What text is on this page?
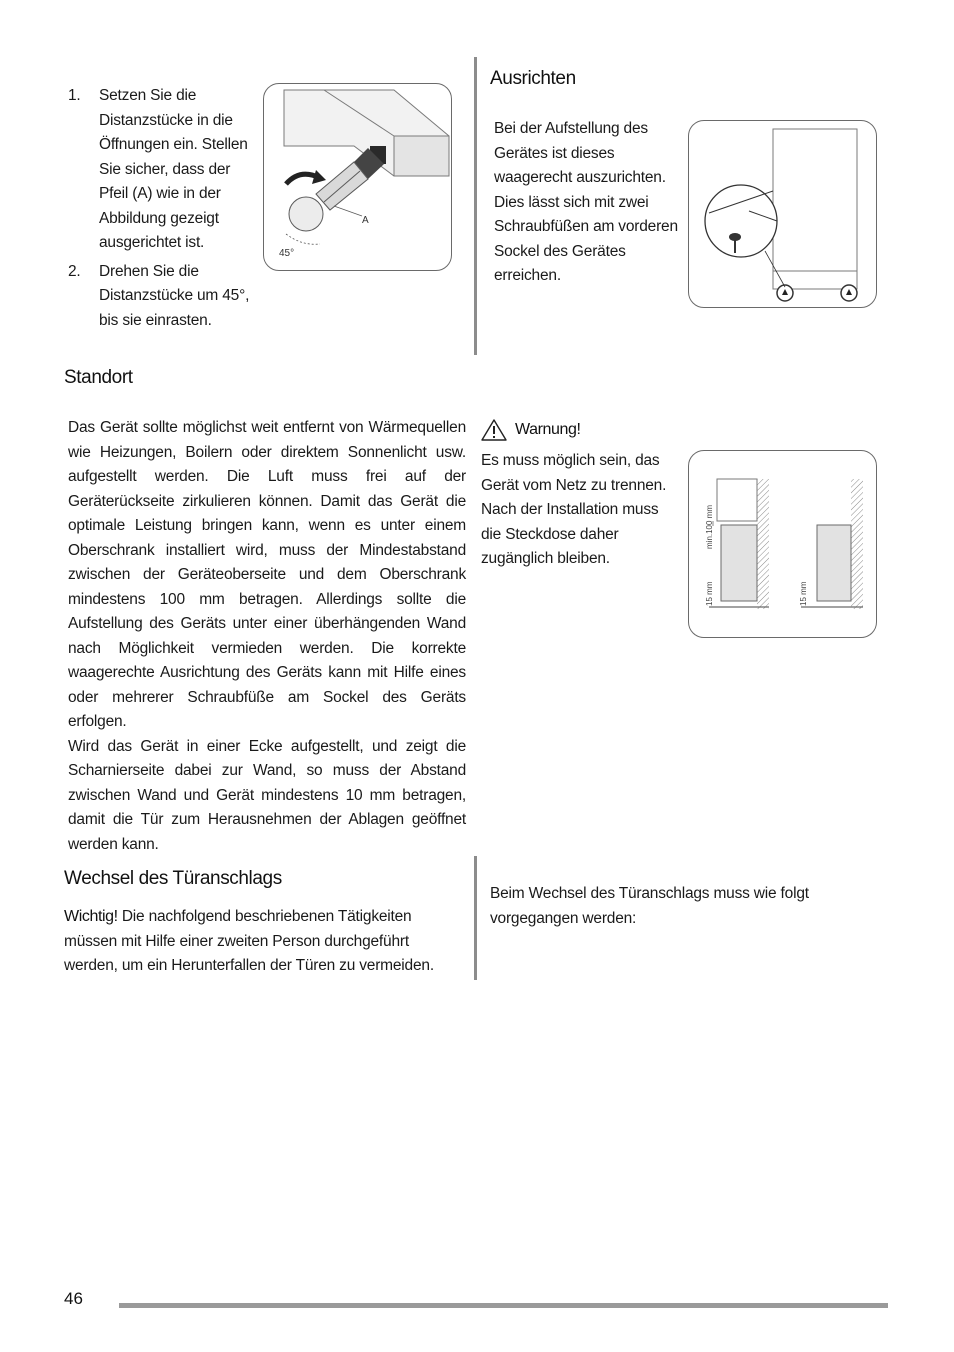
1. Setzen Sie die Distanzstücke in die Öffnungen ein. Stellen Sie sicher, dass der Pfeil (A) wie in der Abbildung gezeigt ausgerichtet ist.
2. Drehen Sie die Distanzstücke um 45°, bis sie einrasten.
A
45°
Ausrichten
Bei der Aufstellung des Gerätes ist dieses waagerecht auszurichten. Dies lässt sich mit zwei Schraubfüßen am vorderen Sockel des Gerätes erreichen.
Standort
Das Gerät sollte möglichst weit entfernt von Wärmequellen wie Heizungen, Boilern oder direktem Sonnenlicht usw. aufgestellt werden. Die Luft muss frei auf der Geräterückseite zirkulieren können. Damit das Gerät die optimale Leistung bringen kann, wenn es unter einem Oberschrank installiert wird, muss der Mindestabstand zwischen der Geräteoberseite und dem Oberschrank mindestens 100 mm betragen. Allerdings sollte die Aufstellung des Geräts unter einer überhängenden Wand nach Möglichkeit vermieden werden. Die korrekte waagerechte Ausrichtung des Geräts kann mit Hilfe eines oder mehrerer Schraubfüße am Sockel des Geräts erfolgen.
Wird das Gerät in einer Ecke aufgestellt, und zeigt die Scharnierseite dabei zur Wand, so muss der Abstand zwischen Wand und Gerät mindestens 10 mm betragen, damit die Tür zum Herausnehmen der Ablagen geöffnet werden kann.
Warnung!
Es muss möglich sein, das Gerät vom Netz zu trennen. Nach der Installation muss die Steckdose daher zugänglich bleiben.
min.100 mm
15 mm	15 mm
Wechsel des Türanschlags
Wichtig! Die nachfolgend beschriebenen Tätigkeiten müssen mit Hilfe einer zweiten Person durchgeführt werden, um ein Herunterfallen der Türen zu vermeiden.
Beim Wechsel des Türanschlags muss wie folgt vorgegangen werden:
46
